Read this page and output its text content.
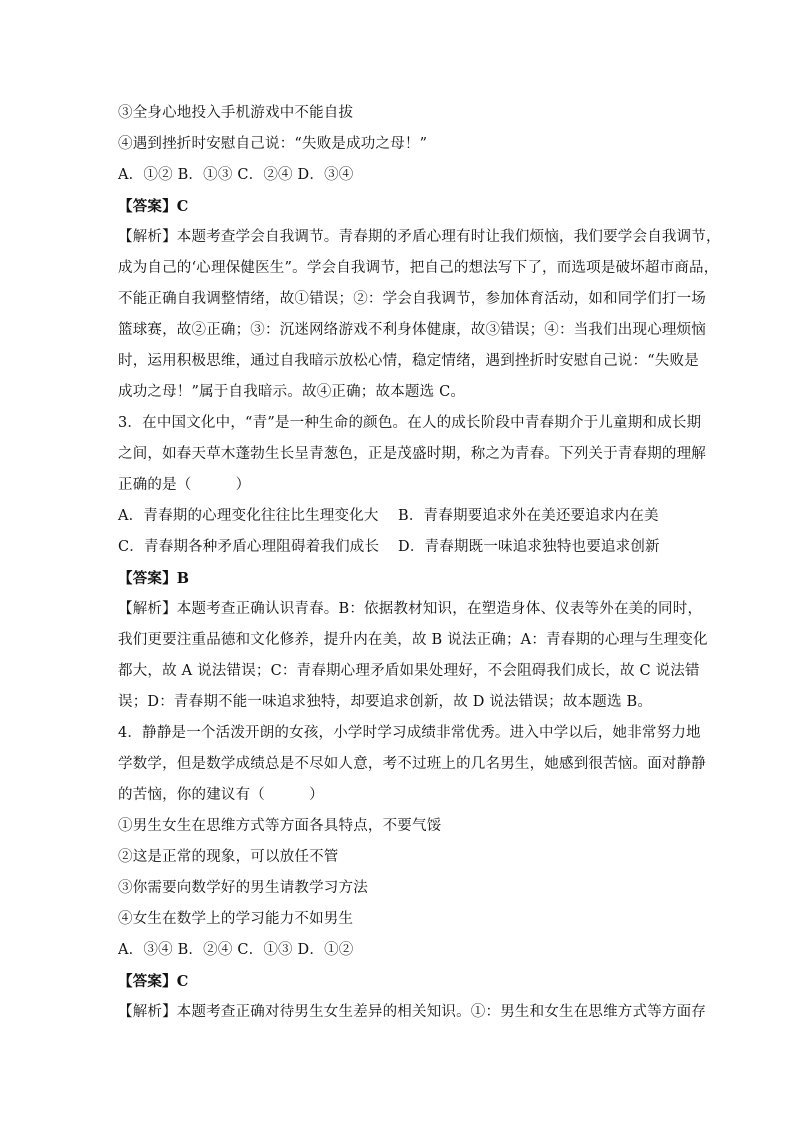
③全身心地投入手机游戏中不能自拔
④遇到挫折时安慰自己说：“失败是成功之母！”
A．①② B．①③ C．②④ D．③④
【答案】C
【解析】本题考查学会自我调节。青春期的矛盾心理有时让我们烦恼，我们要学会自我调节，
成为自己的‘心理保健医生”。学会自我调节，把自己的想法写下了，而选项是破坏超市商品，
不能正确自我调整情绪，故①错误；②：学会自我调节，参加体育活动，如和同学们打一场
篮球赛，故②正确；③：沉迷网络游戏不利身体健康，故③错误；④：当我们出现心理烦恼
时，运用积极思维，通过自我暗示放松心情，稳定情绪，遇到挫折时安慰自己说：“失败是
成功之母！”属于自我暗示。故④正确；故本题选 C。
3．在中国文化中，“青”是一种生命的颜色。在人的成长阶段中青春期介于儿童期和成长期
之间，如春天草木蓬勃生长呈青葱色，正是茂盛时期，称之为青春。下列关于青春期的理解
正确的是（　　　）
A．青春期的心理变化往往比生理变化大	B．青春期要追求外在美还要追求内在美
C．青春期各种矛盾心理阻碍着我们成长	D．青春期既一味追求独特也要追求创新
【答案】B
【解析】本题考查正确认识青春。B：依据教材知识，在塑造身体、仪表等外在美的同时，
我们更要注重品德和文化修养，提升内在美，故 B 说法正确；A：青春期的心理与生理变化
都大，故 A 说法错误；C：青春期心理矛盾如果处理好，不会阻碍我们成长，故 C 说法错
误；D：青春期不能一味追求独特，却要追求创新，故 D 说法错误；故本题选 B。
4．静静是一个活泼开朗的女孩，小学时学习成绩非常优秀。进入中学以后，她非常努力地
学数学，但是数学成绩总是不尽如人意，考不过班上的几名男生，她感到很苦恼。面对静静
的苦恼，你的建议有（　　　）
①男生女生在思维方式等方面各具特点，不要气馁
②这是正常的现象，可以放任不管
③你需要向数学好的男生请教学习方法
④女生在数学上的学习能力不如男生
A．③④ B．②④ C．①③ D．①②
【答案】C
【解析】本题考查正确对待男生女生差异的相关知识。①：男生和女生在思维方式等方面存
